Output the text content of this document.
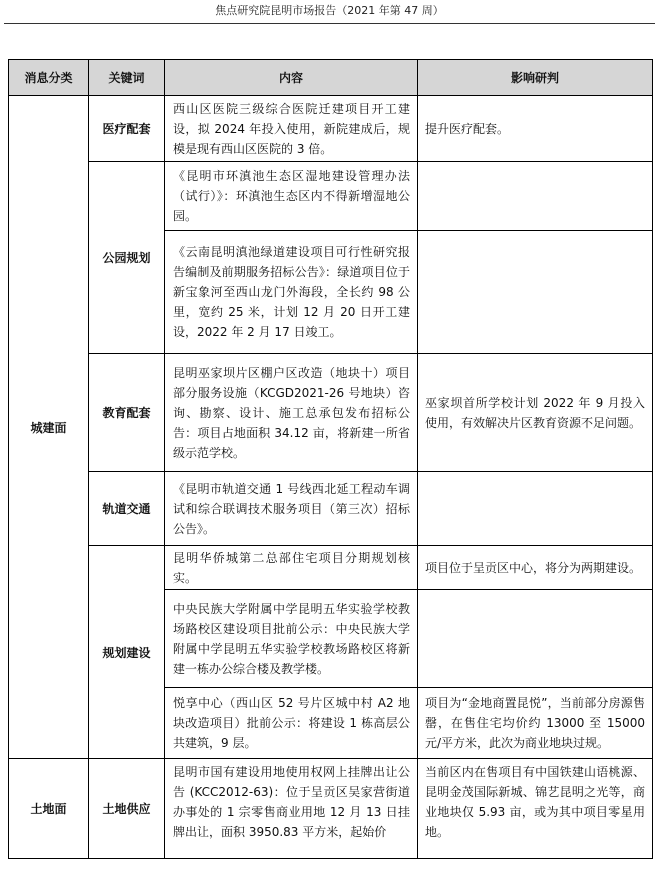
焦点研究院昆明市场报告（2021 年第 47 周）
消息分类	关键词	内容	影响研判
城建面	医疗配套	西山区医院三级综合医院迁建项目开工建设，拟 2024 年投入使用，新院建成后，规模是现有西山区医院的 3 倍。	提升医疗配套。
	公园规划	《昆明市环滇池生态区湿地建设管理办法（试行）》：环滇池生态区内不得新增湿地公园。	
		《云南昆明滇池绿道建设项目可行性研究报告编制及前期服务招标公告》：绿道项目位于新宝象河至西山龙门外海段，全长约 98 公里，宽约 25 米，计划 12 月 20 日开工建设，2022 年 2 月 17 日竣工。	
	教育配套	昆明巫家坝片区棚户区改造（地块十）项目部分服务设施（KCGD2021-26 号地块）咨询、勘察、设计、施工总承包发布招标公告：项目占地面积 34.12 亩，将新建一所省级示范学校。	巫家坝首所学校计划 2022 年 9 月投入使用，有效解决片区教育资源不足问题。
	轨道交通	《昆明市轨道交通 1 号线西北延工程动车调试和综合联调技术服务项目（第三次）招标公告》。	
	规划建设	昆明华侨城第二总部住宅项目分期规划核实。	项目位于呈贡区中心，将分为两期建设。
		中央民族大学附属中学昆明五华实验学校教场路校区建设项目批前公示：中央民族大学附属中学昆明五华实验学校教场路校区将新建一栋办公综合楼及教学楼。	
		悦享中心（西山区 52 号片区城中村 A2 地块改造项目）批前公示：将建设 1 栋高层公共建筑，9 层。	项目为“金地商置昆悦”，当前部分房源售罄，在售住宅均价约 13000 至 15000 元/平方米，此次为商业地块过规。
土地面	土地供应	昆明市国有建设用地使用权网上挂牌出让公告 (KCC2012-63)：位于呈贡区吴家营街道办事处的 1 宗零售商业用地 12 月 13 日挂牌出让，面积 3950.83 平方米，起始价	当前区内在售项目有中国铁建山语桃源、昆明金茂国际新城、锦艺昆明之光等，商业地块仅 5.93 亩，或为其中项目零星用地。
